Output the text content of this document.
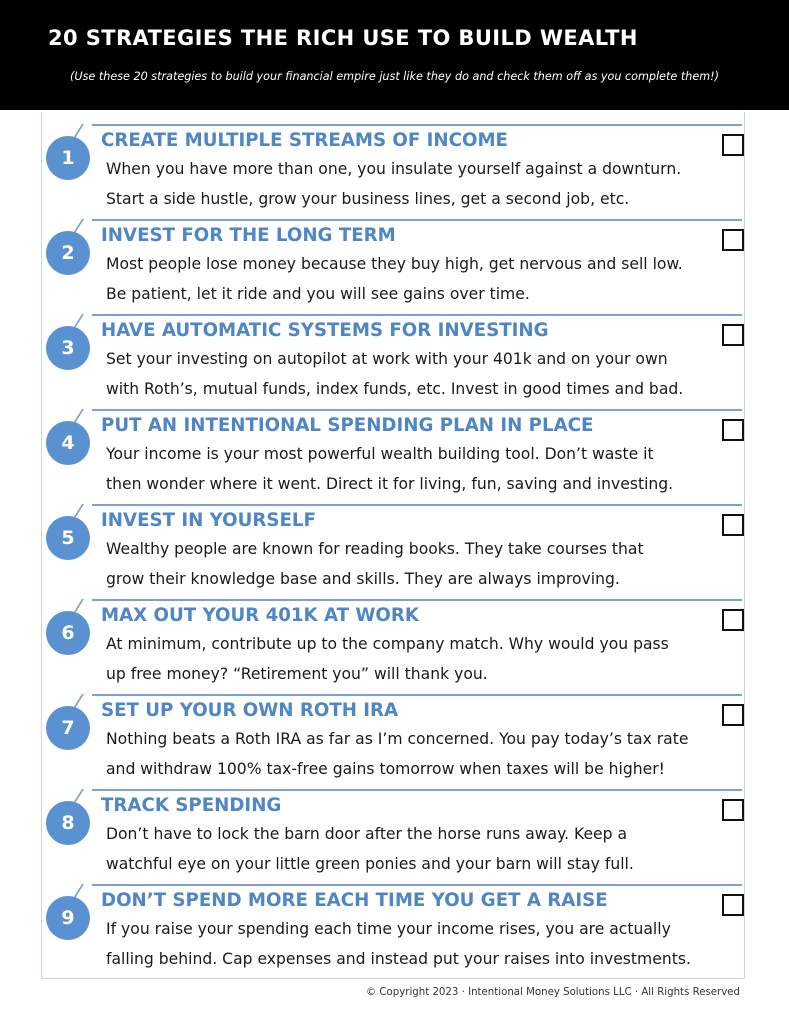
20 STRATEGIES THE RICH USE TO BUILD WEALTH
(Use these 20 strategies to build your financial empire just like they do and check them off as you complete them!)
1
CREATE MULTIPLE STREAMS OF INCOME
When you have more than one, you insulate yourself against a downturn.
Start a side hustle, grow your business lines, get a second job, etc.
2
INVEST FOR THE LONG TERM
Most people lose money because they buy high, get nervous and sell low.
Be patient, let it ride and you will see gains over time.
3
HAVE AUTOMATIC SYSTEMS FOR INVESTING
Set your investing on autopilot at work with your 401k and on your own
with Roth’s, mutual funds, index funds, etc. Invest in good times and bad.
4
PUT AN INTENTIONAL SPENDING PLAN IN PLACE
Your income is your most powerful wealth building tool. Don’t waste it
then wonder where it went. Direct it for living, fun, saving and investing.
5
INVEST IN YOURSELF
Wealthy people are known for reading books. They take courses that
grow their knowledge base and skills. They are always improving.
6
MAX OUT YOUR 401K AT WORK
At minimum, contribute up to the company match. Why would you pass
up free money? “Retirement you” will thank you.
7
SET UP YOUR OWN ROTH IRA
Nothing beats a Roth IRA as far as I’m concerned. You pay today’s tax rate
and withdraw 100% tax-free gains tomorrow when taxes will be higher!
8
TRACK SPENDING
Don’t have to lock the barn door after the horse runs away. Keep a
watchful eye on your little green ponies and your barn will stay full.
9
DON’T SPEND MORE EACH TIME YOU GET A RAISE
If you raise your spending each time your income rises, you are actually
falling behind. Cap expenses and instead put your raises into investments.
© Copyright 2023 · Intentional Money Solutions LLC · All Rights Reserved
